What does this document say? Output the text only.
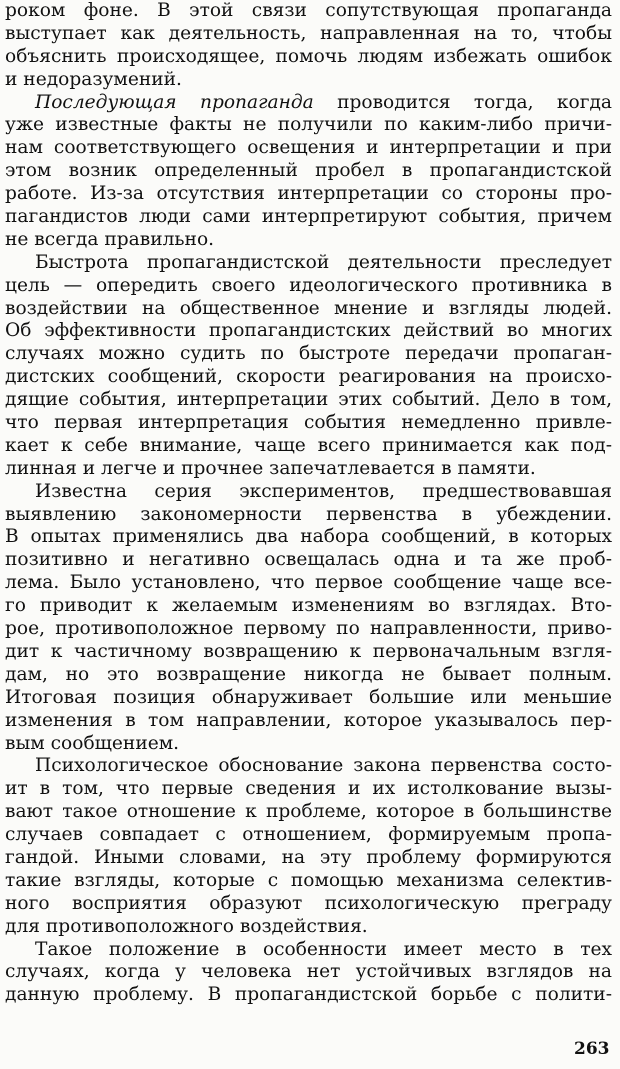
роком фоне. В этой связи сопутствующая пропаганда
выступает как деятельность, направленная на то, чтобы
объяснить происходящее, помочь людям избежать ошибок
и недоразумений.
Последующая пропаганда проводится тогда, когда
уже известные факты не получили по каким-либо причи-
нам соответствующего освещения и интерпретации и при
этом возник определенный пробел в пропагандистской
работе. Из-за отсутствия интерпретации со стороны про-
пагандистов люди сами интерпретируют события, причем
не всегда правильно.
Быстрота пропагандистской деятельности преследует
цель — опередить своего идеологического противника в
воздействии на общественное мнение и взгляды людей.
Об эффективности пропагандистских действий во многих
случаях можно судить по быстроте передачи пропаган-
дистских сообщений, скорости реагирования на происхо-
дящие события, интерпретации этих событий. Дело в том,
что первая интерпретация события немедленно привле-
кает к себе внимание, чаще всего принимается как под-
линная и легче и прочнее запечатлевается в памяти.
Известна серия экспериментов, предшествовавшая
выявлению закономерности первенства в убеждении.
В опытах применялись два набора сообщений, в которых
позитивно и негативно освещалась одна и та же проб-
лема. Было установлено, что первое сообщение чаще все-
го приводит к желаемым изменениям во взглядах. Вто-
рое, противоположное первому по направленности, приво-
дит к частичному возвращению к первоначальным взгля-
дам, но это возвращение никогда не бывает полным.
Итоговая позиция обнаруживает большие или меньшие
изменения в том направлении, которое указывалось пер-
вым сообщением.
Психологическое обоснование закона первенства состо-
ит в том, что первые сведения и их истолкование вызы-
вают такое отношение к проблеме, которое в большинстве
случаев совпадает с отношением, формируемым пропа-
гандой. Иными словами, на эту проблему формируются
такие взгляды, которые с помощью механизма селектив-
ного восприятия образуют психологическую преграду
для противоположного воздействия.
Такое положение в особенности имеет место в тех
случаях, когда у человека нет устойчивых взглядов на
данную проблему. В пропагандистской борьбе с полити-
263
